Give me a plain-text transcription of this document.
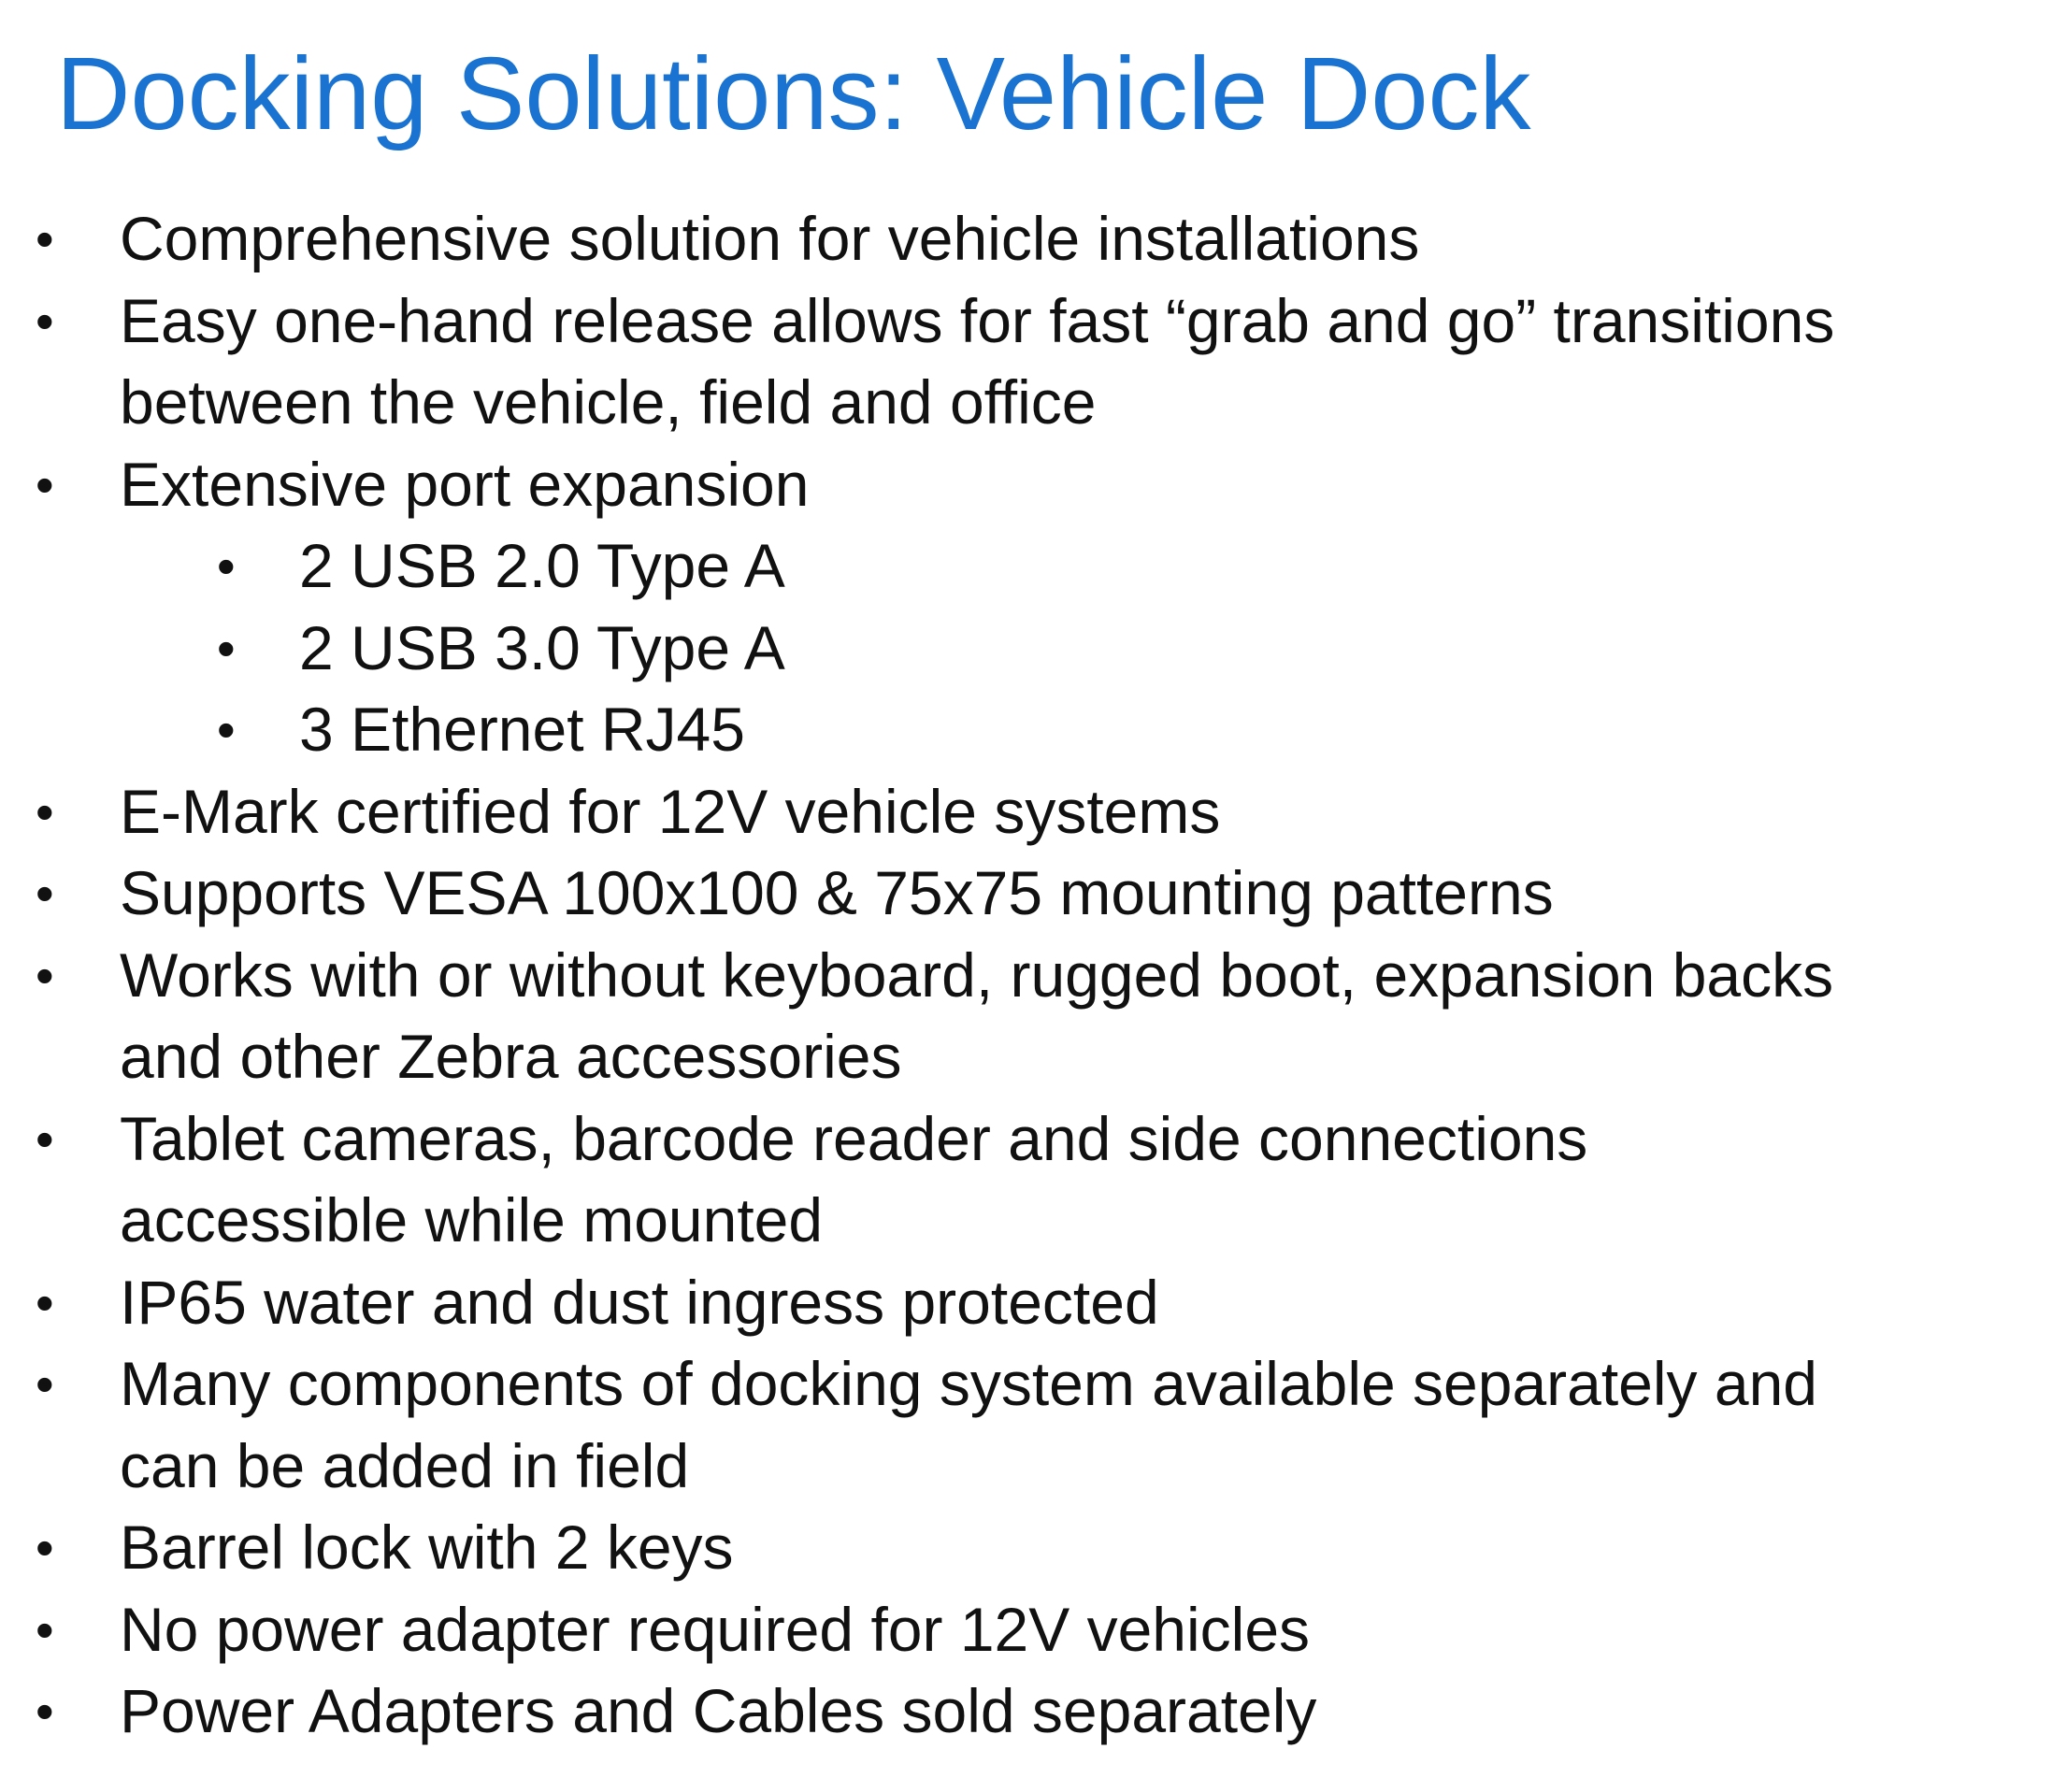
Docking Solutions: Vehicle Dock
• Comprehensive solution for vehicle installations
• Easy one-hand release allows for fast “grab and go” transitions
between the vehicle, field and office
• Extensive port expansion
• 2 USB 2.0 Type A
• 2 USB 3.0 Type A
• 3 Ethernet RJ45
• E-Mark certified for 12V vehicle systems
• Supports VESA 100x100 & 75x75 mounting patterns
• Works with or without keyboard, rugged boot, expansion backs
and other Zebra accessories
• Tablet cameras, barcode reader and side connections
accessible while mounted
• IP65 water and dust ingress protected
• Many components of docking system available separately and
can be added in field
• Barrel lock with 2 keys
• No power adapter required for 12V vehicles
• Power Adapters and Cables sold separately
